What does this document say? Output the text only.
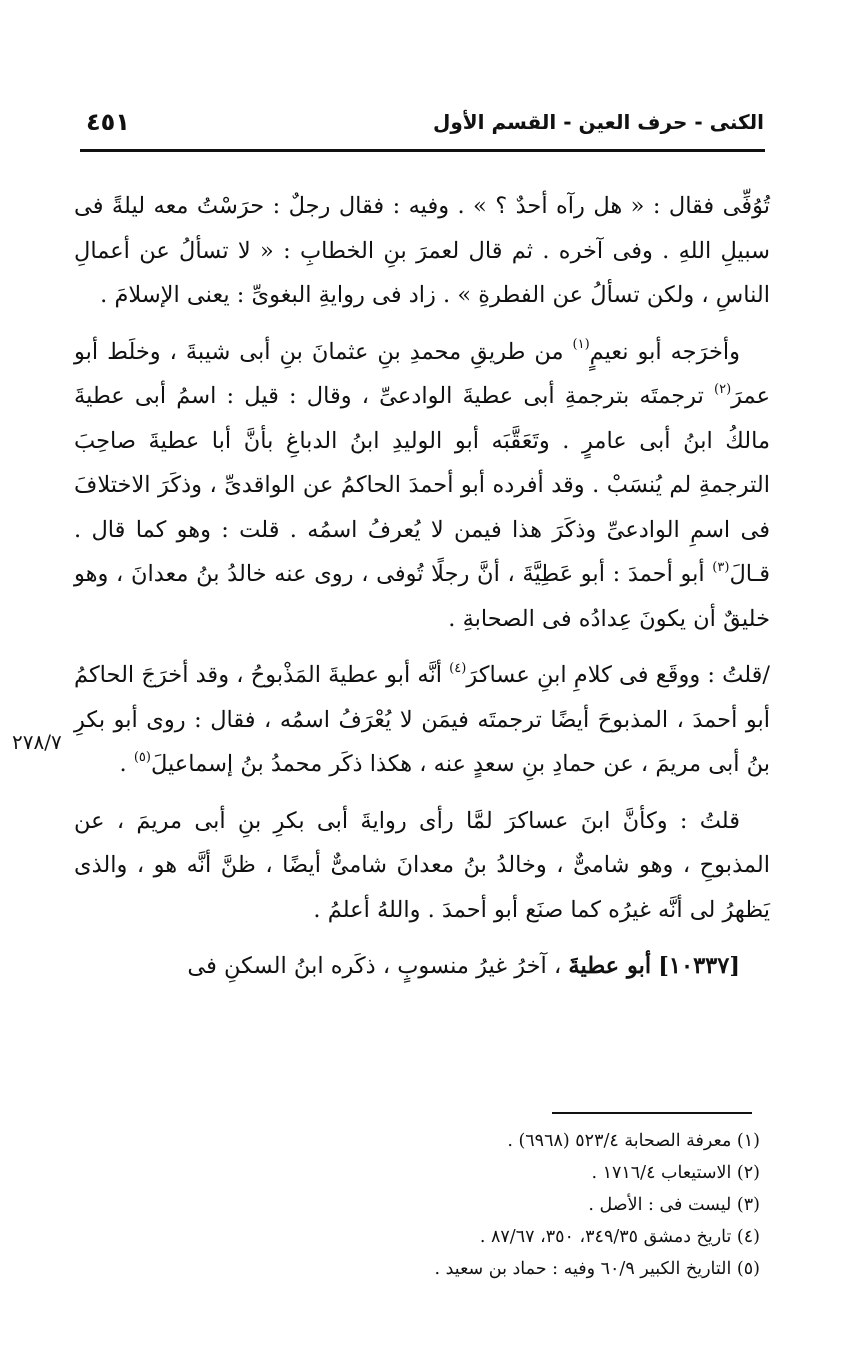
٤٥١	الكنى - حرف العين - القسم الأول

تُوُفِّى فقال : « هل رآه أحدٌ ؟ » . وفيه : فقال رجلٌ : حرَسْتُ معه ليلةً فى سبيلِ اللهِ . وفى آخره . ثم قال لعمرَ بنِ الخطابِ : « لا تسألُ عن أعمالِ الناسِ ، ولكن تسألُ عن الفطرةِ » . زاد فى روايةِ البغوىِّ : يعنى الإسلامَ .

وأخرَجه أبو نعيمٍ$^{(١)}$ من طريقِ محمدِ بنِ عثمانَ بنِ أبى شيبةَ ، وخلَط أبو عمرَ$^{(٢)}$ ترجمتَه بترجمةِ أبى عطيةَ الوادعىِّ ، وقال : قيل : اسمُ أبى عطيةَ مالكُ ابنُ أبى عامرٍ . وتَعَقَّبَه أبو الوليدِ ابنُ الدباغِ بأنَّ أبا عطيةَ صاحِبَ الترجمةِ لم يُنسَبْ . وقد أفرده أبو أحمدَ الحاكمُ عن الواقدىِّ ، وذكَرَ الاختلافَ فى اسمِ الوادعىِّ وذكَرَ هذا فيمن لا يُعرفُ اسمُه . قلت : وهو كما قال . قـالَ$^{(٣)}$ أبو أحمدَ : أبو عَطِيَّةَ ، أنَّ رجلًا تُوفى ، روى عنه خالدُ بنُ معدانَ ، وهو خليقٌ أن يكونَ عِدادُه فى الصحابةِ .

/قلتُ : ووقَع فى كلامِ ابنِ عساكرَ$^{(٤)}$ أنَّه أبو عطيةَ المَذْبوحُ ، وقد أخرَجَ الحاكمُ أبو أحمدَ ، المذبوحَ أيضًا ترجمتَه فيمَن لا يُعْرَفُ اسمُه ، فقال : روى أبو بكرِ بنُ أبى مريمَ ، عن حمادِ بنِ سعدٍ عنه ، هكذا ذكَر محمدُ بنُ إسماعيلَ$^{(٥)}$ .

قلتُ : وكأنَّ ابنَ عساكرَ لمَّا رأى روايةَ أبى بكرِ بنِ أبى مريمَ ، عن المذبوحِ ، وهو شامىٌّ ، وخالدُ بنُ معدانَ شامىٌّ أيضًا ، ظنَّ أنَّه هو ، والذى يَظهرُ لى أنَّه غيرُه كما صنَع أبو أحمدَ . واللهُ أعلمُ .

[١٠٣٣٧] أبو عطيةَ ، آخرُ غيرُ منسوبٍ ، ذكَره ابنُ السكنِ فى

٢٧٨/٧
(١) معرفة الصحابة ٥٢٣/٤ (٦٩٦٨) .
(٢) الاستيعاب ١٧١٦/٤ .
(٣) ليست فى : الأصل .
(٤) تاريخ دمشق ٣٤٩/٣٥، ٣٥٠، ٨٧/٦٧ .
(٥) التاريخ الكبير ٦٠/٩ وفيه : حماد بن سعيد .
